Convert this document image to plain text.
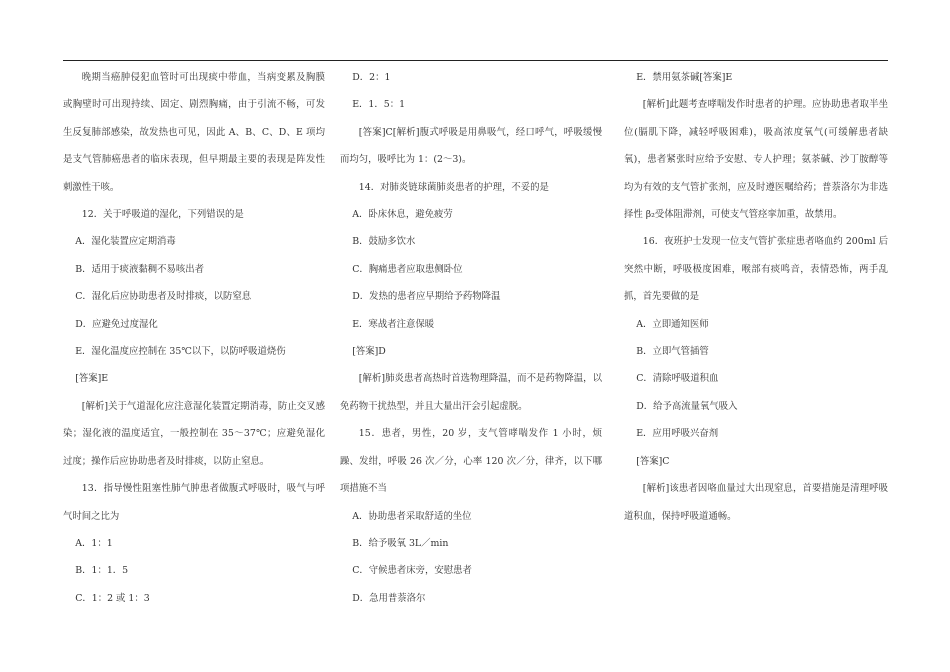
晚期当癌肿侵犯血管时可出现痰中带血，当病变累及胸膜或胸壁时可出现持续、固定、剧烈胸痛，由于引流不畅，可发生反复肺部感染，故发热也可见，因此 A、B、C、D、E 项均是支气管肺癌患者的临床表现，但早期最主要的表现是阵发性刺激性干咳。
12．关于呼吸道的湿化，下列错误的是
A．湿化装置应定期消毒
B．适用于痰液黏稠不易咳出者
C．湿化后应协助患者及时排痰，以防窒息
D．应避免过度湿化
E．湿化温度应控制在 35℃以下，以防呼吸道烧伤
[答案]E
[解析]关于气道湿化应注意湿化装置定期消毒，防止交叉感染；湿化液的温度适宜，一般控制在 35～37℃；应避免湿化过度；操作后应协助患者及时排痰，以防止窒息。
13．指导慢性阻塞性肺气肿患者做腹式呼吸时，吸气与呼气时间之比为
A．1：1
B．1：1．5
C．1：2 或 1：3
D．2：1
E．1．5：1
[答案]C[解析]腹式呼吸是用鼻吸气，经口呼气，呼吸缓慢而均匀，吸呼比为 1：(2～3)。
14．对肺炎链球菌肺炎患者的护理，不妥的是
A．卧床休息，避免疲劳
B．鼓励多饮水
C．胸痛患者应取患侧卧位
D．发热的患者应早期给予药物降温
E．寒战者注意保暖
[答案]D
[解析]肺炎患者高热时首选物理降温，而不是药物降温，以免药物干扰热型，并且大量出汗会引起虚脱。
15．患者，男性，20 岁，支气管哮喘发作 1 小时，烦躁、发绀，呼吸 26 次／分，心率 120 次／分，律齐，以下哪项措施不当
A．协助患者采取舒适的坐位
B．给予吸氧 3L／min
C．守候患者床旁，安慰患者
D．急用普萘洛尔
E．禁用氨茶碱[答案]E
[解析]此题考查哮喘发作时患者的护理。应协助患者取半坐位(膈肌下降，减轻呼吸困难)，吸高浓度氧气(可缓解患者缺氧)，患者紧张时应给予安慰、专人护理；氨茶碱、沙丁胺醇等均为有效的支气管扩张剂，应及时遵医嘱给药；普萘洛尔为非选择性 β₂受体阻滞剂，可使支气管痉挛加重，故禁用。
16．夜班护士发现一位支气管扩张症患者咯血约 200ml 后突然中断，呼吸极度困难，喉部有痰鸣音，表情恐怖，两手乱抓，首先要做的是
A．立即通知医师
B．立即气管插管
C．清除呼吸道积血
D．给予高流量氧气吸入
E．应用呼吸兴奋剂
[答案]C
[解析]该患者因咯血量过大出现窒息，首要措施是清理呼吸道积血，保持呼吸道通畅。
